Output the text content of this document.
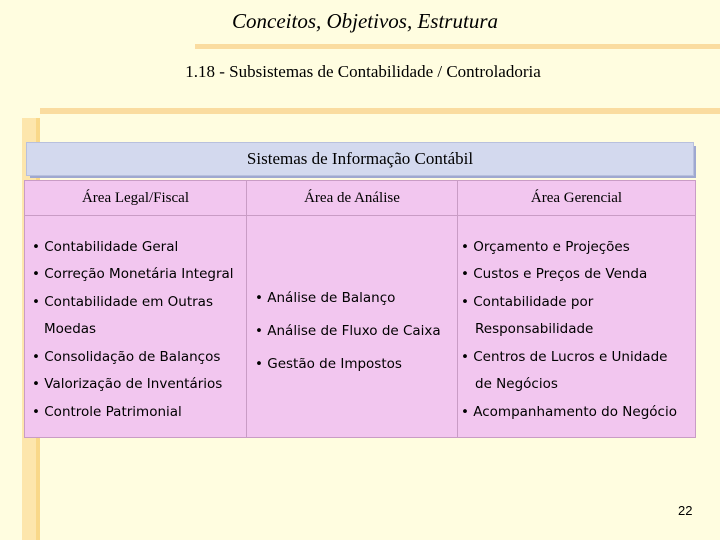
Conceitos, Objetivos, Estrutura
1.18 - Subsistemas de Contabilidade / Controladoria
Sistemas de Informação Contábil
Área Legal/Fiscal
• Contabilidade Geral
• Correção Monetária Integral
• Contabilidade em Outras
Moedas
• Consolidação de Balanços
• Valorização de Inventários
• Controle Patrimonial
Área de Análise
• Análise de Balanço
• Análise de Fluxo de Caixa
• Gestão de Impostos
Área Gerencial
• Orçamento e Projeções
• Custos e Preços de Venda
• Contabilidade por
Responsabilidade
• Centros de Lucros e Unidade
de Negócios
• Acompanhamento do Negócio
22
